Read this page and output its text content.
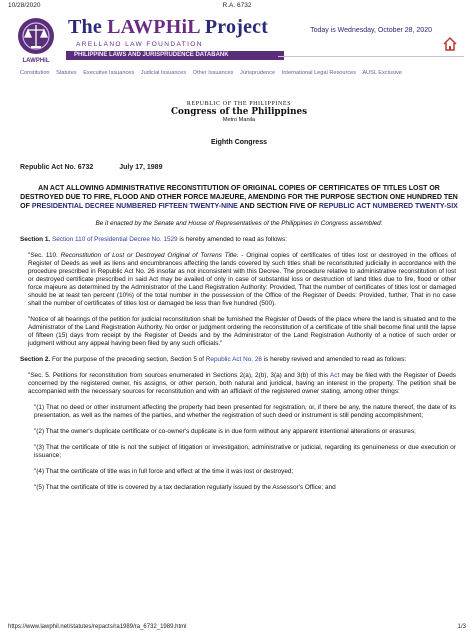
10/28/2020	R.A. 6732
LAWPHiL
The LAWPHiL Project
ARELLANO LAW FOUNDATION
PHILIPPINE LAWS AND JURISPRUDENCE DATABANK
Today is Wednesday, October 28, 2020
Constitution Statutes Executive Issuances Judicial Issuances Other Issuances Jurisprudence International Legal Resources AUSL Exclusive
REPUBLIC OF THE PHILIPPINES
Congress of the Philippines
Metro Manila
Eighth Congress
Republic Act No. 6732	July 17, 1989
AN ACT ALLOWING ADMINISTRATIVE RECONSTITUTION OF ORIGINAL COPIES OF CERTIFICATES OF TITLES LOST OR DESTROYED DUE TO FIRE, FLOOD AND OTHER FORCE MAJEURE, AMENDING FOR THE PURPOSE SECTION ONE HUNDRED TEN OF PRESIDENTIAL DECREE NUMBERED FIFTEEN TWENTY-NINE AND SECTION FIVE OF REPUBLIC ACT NUMBERED TWENTY-SIX
Be it enacted by the Senate and House of Representatives of the Philippines in Congress assembled:

Section 1. Section 110 of Presidential Decree No. 1529 is hereby amended to read as follows:

"Sec. 110. Reconstitution of Lost or Destroyed Original of Torrens Title. - Original copies of certificates of titles lost or destroyed in the offices of Register of Deeds as well as liens and encumbrances affecting the lands covered by such titles shall be reconstituted judicially in accordance with the procedure prescribed in Republic Act No. 26 insofar as not inconsistent with this Decree. The procedure relative to administrative reconstitution of lost or destroyed certificate prescribed in said Act may be availed of only in case of substantial loss or destruction of land titles due to fire, flood or other force majeure as determined by the Administrator of the Land Registration Authority: Provided, That the number of certificates of titles lost or damaged should be at least ten percent (10%) of the total number in the possession of the Office of the Register of Deeds: Provided, further, That in no case shall the number of certificates of titles lost or damaged be less than five hundred (500).

"Notice of all hearings of the petition for judicial reconstitution shall be furnished the Register of Deeds of the place where the land is situated and to the Administrator of the Land Registration Authority. No order or judgment ordering the reconstitution of a certificate of title shall become final until the lapse of fifteen (15) days from receipt by the Register of Deeds and by the Administrator of the Land Registration Authority of a notice of such order or judgment without any appeal having been filed by any such officials."

Section 2. For the purpose of the preceding section, Section 5 of Republic Act No. 26 is hereby revived and amended to read as follows:

"Sec. 5. Petitions for reconstitution from sources enumerated in Sections 2(a), 2(b), 3(a) and 3(b) of this Act may be filed with the Register of Deeds concerned by the registered owner, his assigns, or other person, both natural and juridical, having an interest in the property. The petition shall be accompanied with the necessary sources for reconstitution and with an affidavit of the registered owner stating, among other things:

"(1) That no deed or other instrument affecting the property had been presented for registration, or, if there be any, the nature thereof, the date of its presentation, as well as the names of the parties, and whether the registration of such deed or instrument is still pending accomplishment;

"(2) That the owner's duplicate certificate or co-owner's duplicate is in due form without any apparent intentional alterations or erasures;

"(3) That the certificate of title is not the subject of litigation or investigation, administrative or judicial, regarding its genuineness or due execution or issuance;

"(4) That the certificate of title was in full force and effect at the time it was lost or destroyed;

"(5) That the certificate of title is covered by a tax declaration regularly issued by the Assessor's Office; and

https://www.lawphil.net/statutes/repacts/ra1989/ra_6732_1989.html	1/3
